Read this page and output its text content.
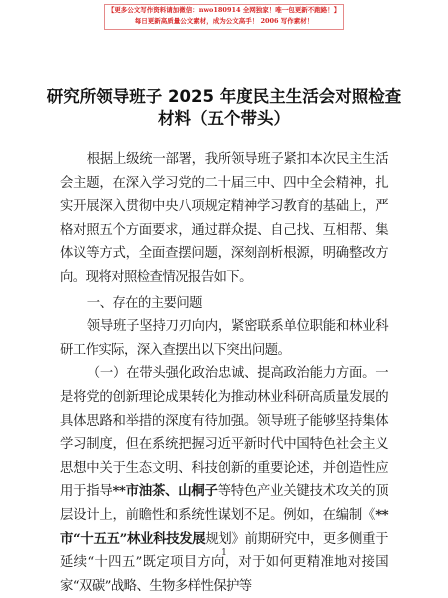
【更多公文写作资料请加微信：nwo180914 全网独家！唯一包更新不跑路！】
每日更新高质量公文素材，成为公文高手！ 2006 写作素材！
研究所领导班子 2025 年度民主生活会对照检查
材料（五个带头）

根据上级统一部署，我所领导班子紧扣本次民主生活会主题，在深入学习党的二十届三中、四中全会精神，扎实开展深入贯彻中央八项规定精神学习教育的基础上，严格对照五个方面要求，通过群众提、自己找、互相帮、集体议等方式，全面查摆问题，深刻剖析根源，明确整改方向。现将对照检查情况报告如下。

一、存在的主要问题

领导班子坚持刀刃向内，紧密联系单位职能和林业科研工作实际，深入查摆出以下突出问题。

（一）在带头强化政治忠诚、提高政治能力方面。一是将党的创新理论成果转化为推动林业科研高质量发展的具体思路和举措的深度有待加强。领导班子能够坚持集体学习制度，但在系统把握习近平新时代中国特色社会主义思想中关于生态文明、科技创新的重要论述，并创造性应用于指导**市油茶、山桐子等特色产业关键技术攻关的顶层设计上，前瞻性和系统性谋划不足。例如，在编制《**市“十五五”林业科技发展规划》前期研究中，更多侧重于延续“十四五”既定项目方向，对于如何更精准地对接国家“双碳”战略、生物多样性保护等

1
